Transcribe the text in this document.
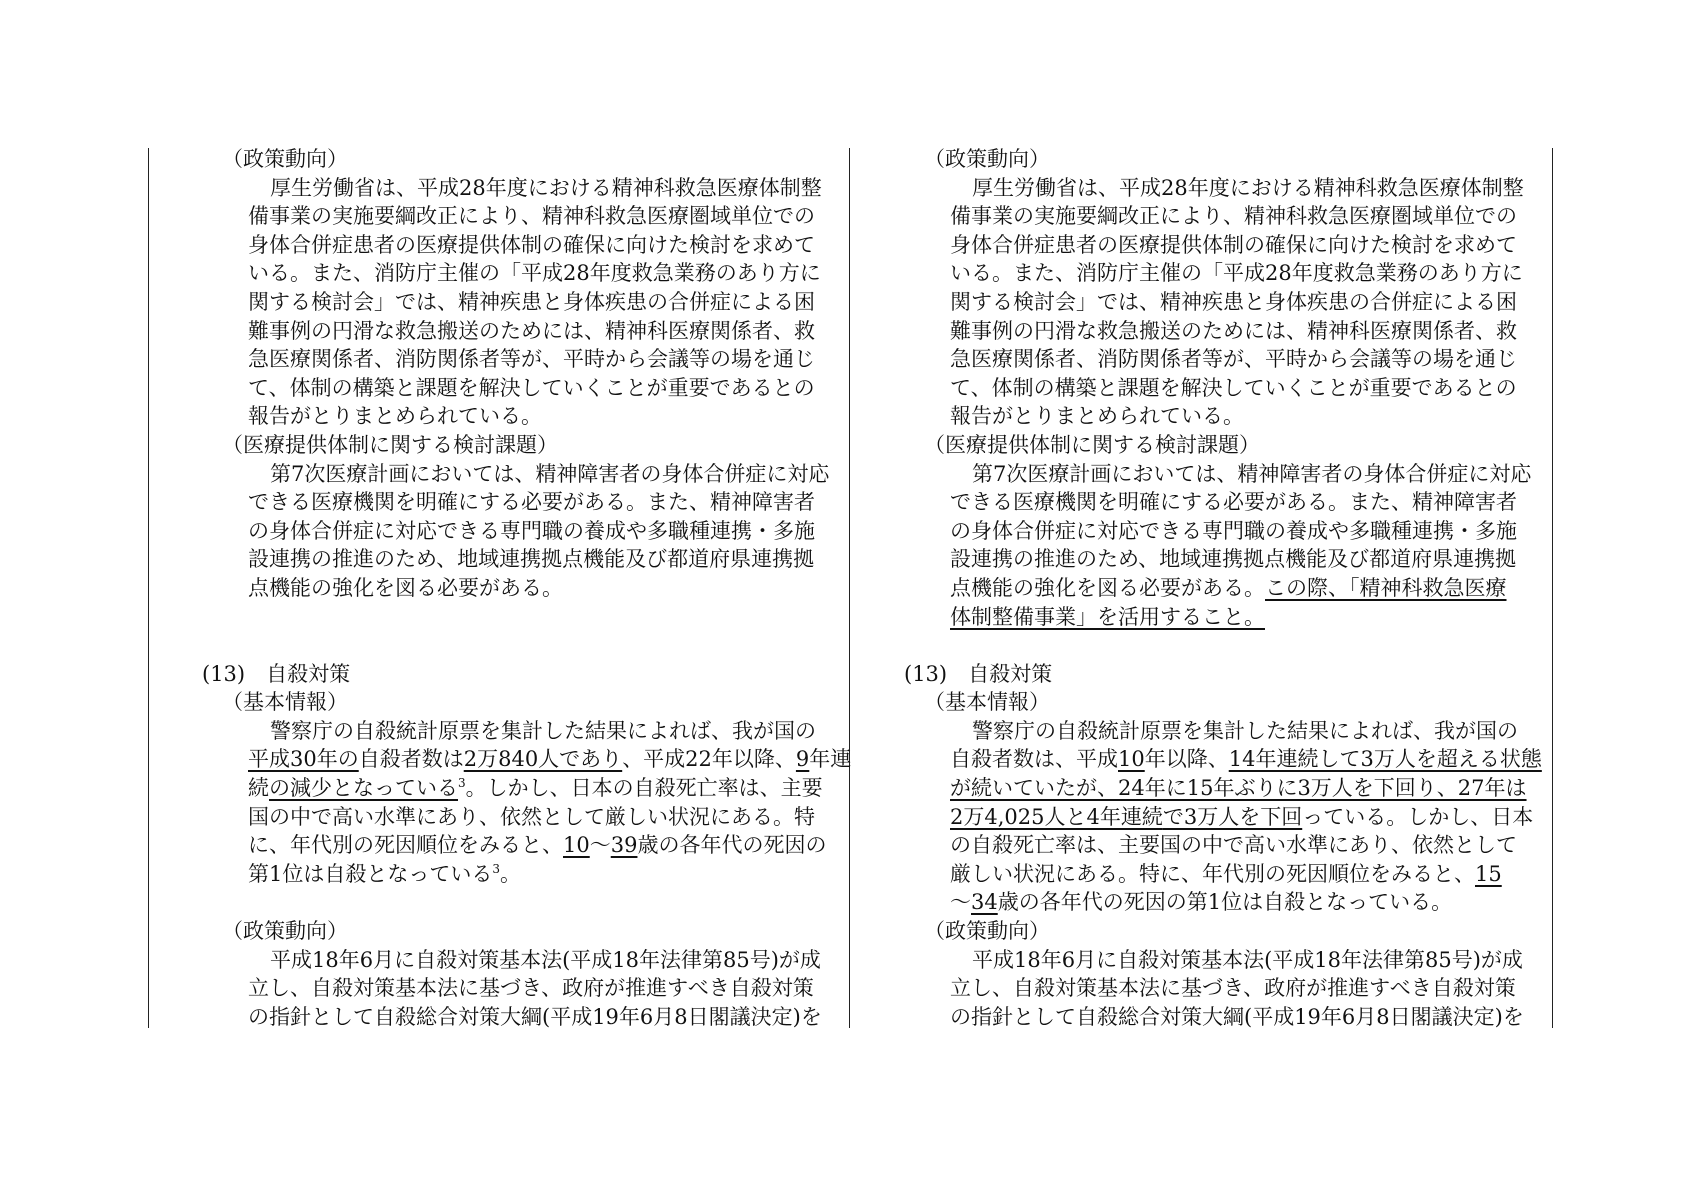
（政策動向）
厚生労働省は、平成28年度における精神科救急医療体制整
備事業の実施要綱改正により、精神科救急医療圏域単位での
身体合併症患者の医療提供体制の確保に向けた検討を求めて
いる。また、消防庁主催の「平成28年度救急業務のあり方に
関する検討会」では、精神疾患と身体疾患の合併症による困
難事例の円滑な救急搬送のためには、精神科医療関係者、救
急医療関係者、消防関係者等が、平時から会議等の場を通じ
て、体制の構築と課題を解決していくことが重要であるとの
報告がとりまとめられている。
（医療提供体制に関する検討課題）
第7次医療計画においては、精神障害者の身体合併症に対応
できる医療機関を明確にする必要がある。また、精神障害者
の身体合併症に対応できる専門職の養成や多職種連携・多施
設連携の推進のため、地域連携拠点機能及び都道府県連携拠
点機能の強化を図る必要がある。
(13)　自殺対策
（基本情報）
警察庁の自殺統計原票を集計した結果によれば、我が国の
平成30年の自殺者数は2万840人であり、平成22年以降、9年連
続の減少となっている$^3$。しかし、日本の自殺死亡率は、主要
国の中で高い水準にあり、依然として厳しい状況にある。特
に、年代別の死因順位をみると、10〜39歳の各年代の死因の
第1位は自殺となっている$^3$。
（政策動向）
平成18年6月に自殺対策基本法(平成18年法律第85号)が成
立し、自殺対策基本法に基づき、政府が推進すべき自殺対策
の指針として自殺総合対策大綱(平成19年6月8日閣議決定)を
（政策動向）
厚生労働省は、平成28年度における精神科救急医療体制整
備事業の実施要綱改正により、精神科救急医療圏域単位での
身体合併症患者の医療提供体制の確保に向けた検討を求めて
いる。また、消防庁主催の「平成28年度救急業務のあり方に
関する検討会」では、精神疾患と身体疾患の合併症による困
難事例の円滑な救急搬送のためには、精神科医療関係者、救
急医療関係者、消防関係者等が、平時から会議等の場を通じ
て、体制の構築と課題を解決していくことが重要であるとの
報告がとりまとめられている。
（医療提供体制に関する検討課題）
第7次医療計画においては、精神障害者の身体合併症に対応
できる医療機関を明確にする必要がある。また、精神障害者
の身体合併症に対応できる専門職の養成や多職種連携・多施
設連携の推進のため、地域連携拠点機能及び都道府県連携拠
点機能の強化を図る必要がある。この際、「精神科救急医療
体制整備事業」を活用すること。
(13)　自殺対策
（基本情報）
警察庁の自殺統計原票を集計した結果によれば、我が国の
自殺者数は、平成10年以降、14年連続して3万人を超える状態
が続いていたが、24年に15年ぶりに3万人を下回り、27年は
2万4,025人と4年連続で3万人を下回っている。しかし、日本
の自殺死亡率は、主要国の中で高い水準にあり、依然として
厳しい状況にある。特に、年代別の死因順位をみると、15
〜34歳の各年代の死因の第1位は自殺となっている。
（政策動向）
平成18年6月に自殺対策基本法(平成18年法律第85号)が成
立し、自殺対策基本法に基づき、政府が推進すべき自殺対策
の指針として自殺総合対策大綱(平成19年6月8日閣議決定)を
